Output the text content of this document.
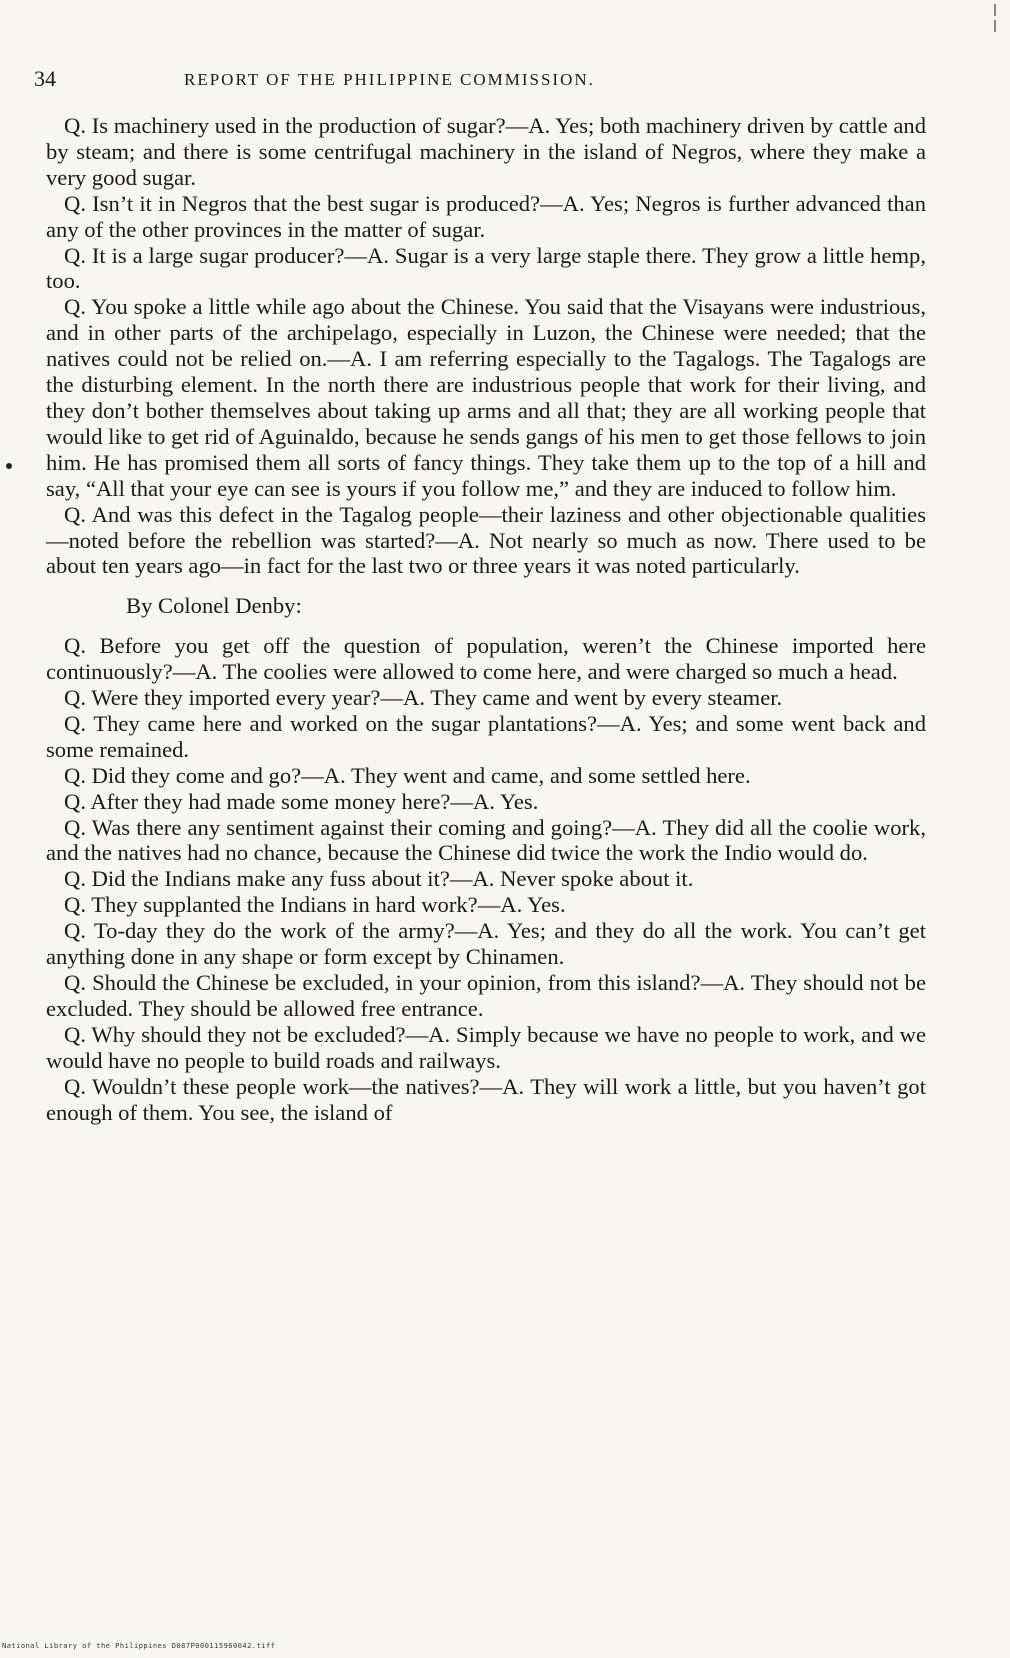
34	REPORT OF THE PHILIPPINE COMMISSION.

Q. Is machinery used in the production of sugar?—A. Yes; both machinery driven by cattle and by steam; and there is some centrifugal machinery in the island of Negros, where they make a very good sugar.

Q. Isn’t it in Negros that the best sugar is produced?—A. Yes; Negros is further advanced than any of the other provinces in the matter of sugar.

Q. It is a large sugar producer?—A. Sugar is a very large staple there. They grow a little hemp, too.

Q. You spoke a little while ago about the Chinese. You said that the Visayans were industrious, and in other parts of the archipelago, especially in Luzon, the Chinese were needed; that the natives could not be relied on.—A. I am referring especially to the Tagalogs. The Tagalogs are the disturbing element. In the north there are industrious people that work for their living, and they don’t bother themselves about taking up arms and all that; they are all working people that would like to get rid of Aguinaldo, because he sends gangs of his men to get those fellows to join him. He has promised them all sorts of fancy things. They take them up to the top of a hill and say, “All that your eye can see is yours if you follow me,” and they are induced to follow him.

Q. And was this defect in the Tagalog people—their laziness and other objectionable qualities—noted before the rebellion was started?—A. Not nearly so much as now. There used to be about ten years ago—in fact for the last two or three years it was noted particularly.

By Colonel Denby:

Q. Before you get off the question of population, weren’t the Chinese imported here continuously?—A. The coolies were allowed to come here, and were charged so much a head.

Q. Were they imported every year?—A. They came and went by every steamer.

Q. They came here and worked on the sugar plantations?—A. Yes; and some went back and some remained.

Q. Did they come and go?—A. They went and came, and some settled here.

Q. After they had made some money here?—A. Yes.

Q. Was there any sentiment against their coming and going?—A. They did all the coolie work, and the natives had no chance, because the Chinese did twice the work the Indio would do.

Q. Did the Indians make any fuss about it?—A. Never spoke about it.

Q. They supplanted the Indians in hard work?—A. Yes.

Q. To-day they do the work of the army?—A. Yes; and they do all the work. You can’t get anything done in any shape or form except by Chinamen.

Q. Should the Chinese be excluded, in your opinion, from this island?—A. They should not be excluded. They should be allowed free entrance.

Q. Why should they not be excluded?—A. Simply because we have no people to work, and we would have no people to build roads and railways.

Q. Wouldn’t these people work—the natives?—A. They will work a little, but you haven’t got enough of them. You see, the island of

National Library of the Philippines D087P000115960042.tiff
